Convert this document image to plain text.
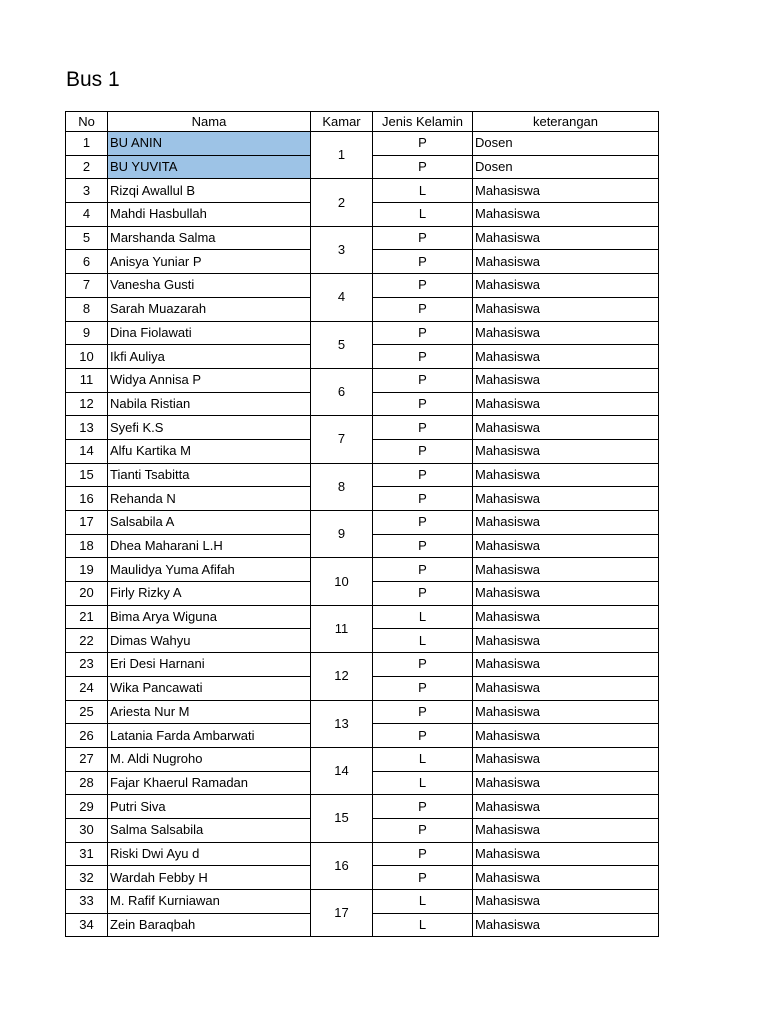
Bus 1
No	Nama	Kamar	Jenis Kelamin	keterangan
1	BU ANIN	1	P	Dosen
2	BU YUVITA		P	Dosen
3	Rizqi Awallul B	2	L	Mahasiswa
4	Mahdi Hasbullah		L	Mahasiswa
5	Marshanda Salma	3	P	Mahasiswa
6	Anisya Yuniar P		P	Mahasiswa
7	Vanesha Gusti	4	P	Mahasiswa
8	Sarah Muazarah		P	Mahasiswa
9	Dina Fiolawati	5	P	Mahasiswa
10	Ikfi Auliya		P	Mahasiswa
11	Widya Annisa P	6	P	Mahasiswa
12	Nabila Ristian		P	Mahasiswa
13	Syefi K.S	7	P	Mahasiswa
14	Alfu Kartika M		P	Mahasiswa
15	Tianti Tsabitta	8	P	Mahasiswa
16	Rehanda N		P	Mahasiswa
17	Salsabila A	9	P	Mahasiswa
18	Dhea Maharani L.H		P	Mahasiswa
19	Maulidya Yuma Afifah	10	P	Mahasiswa
20	Firly Rizky A		P	Mahasiswa
21	Bima Arya Wiguna	11	L	Mahasiswa
22	Dimas Wahyu		L	Mahasiswa
23	Eri Desi Harnani	12	P	Mahasiswa
24	Wika Pancawati		P	Mahasiswa
25	Ariesta Nur M	13	P	Mahasiswa
26	Latania Farda Ambarwati		P	Mahasiswa
27	M. Aldi Nugroho	14	L	Mahasiswa
28	Fajar Khaerul Ramadan		L	Mahasiswa
29	Putri Siva	15	P	Mahasiswa
30	Salma Salsabila		P	Mahasiswa
31	Riski Dwi Ayu d	16	P	Mahasiswa
32	Wardah Febby H		P	Mahasiswa
33	M. Rafif Kurniawan	17	L	Mahasiswa
34	Zein Baraqbah		L	Mahasiswa
